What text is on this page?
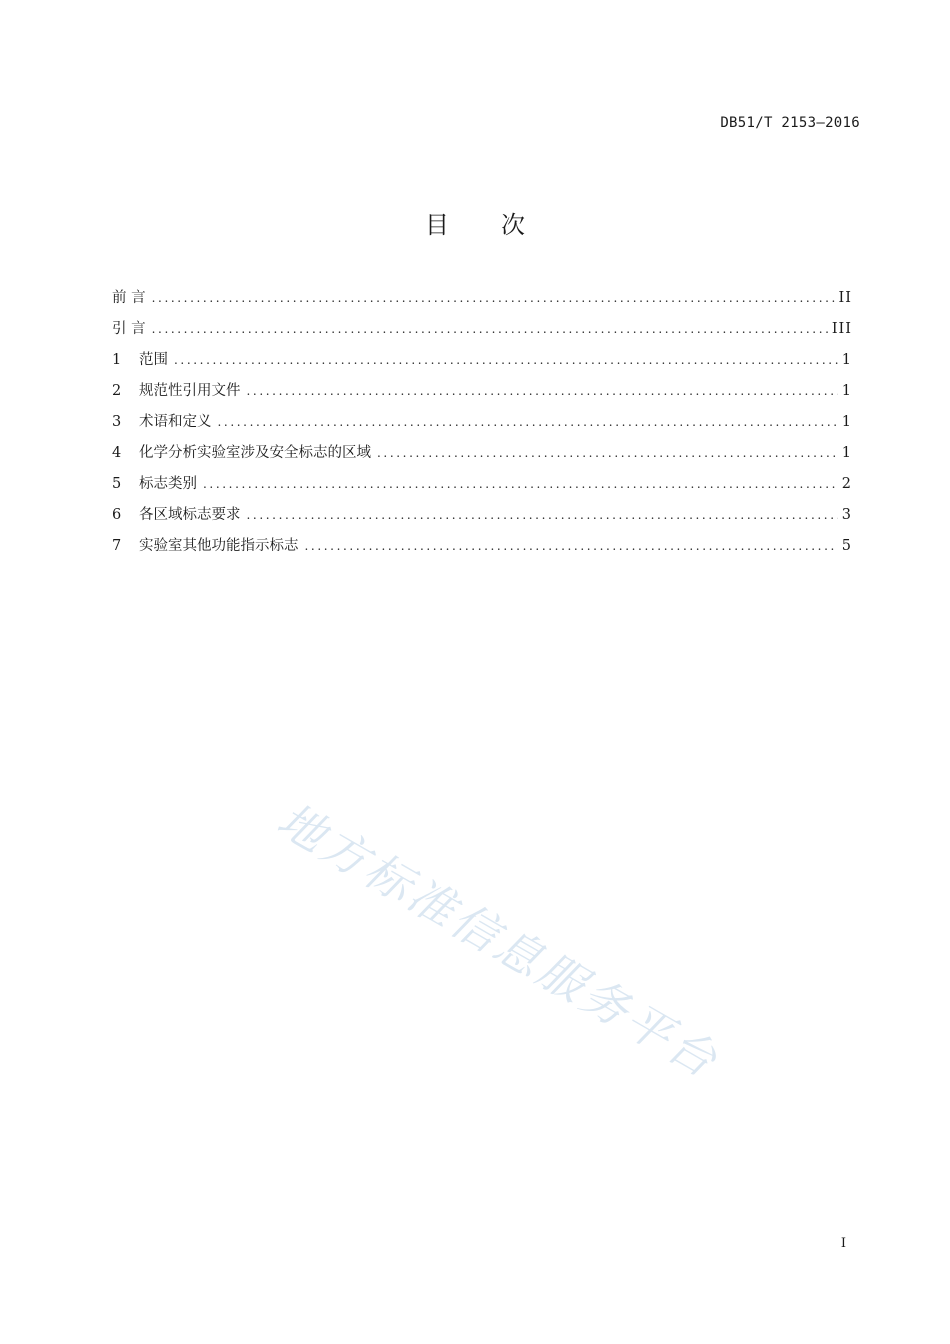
DB51/T 2153—2016
目次
前 言 .....	II
引 言 .....	III
1	范围 .....	1
2	规范性引用文件 .....	1
3	术语和定义 .....	1
4	化学分析实验室涉及安全标志的区域 .....	1
5	标志类别 .....	2
6	各区域标志要求 .....	3
7	实验室其他功能指示标志 .....	5
地方标准信息服务平台
I
